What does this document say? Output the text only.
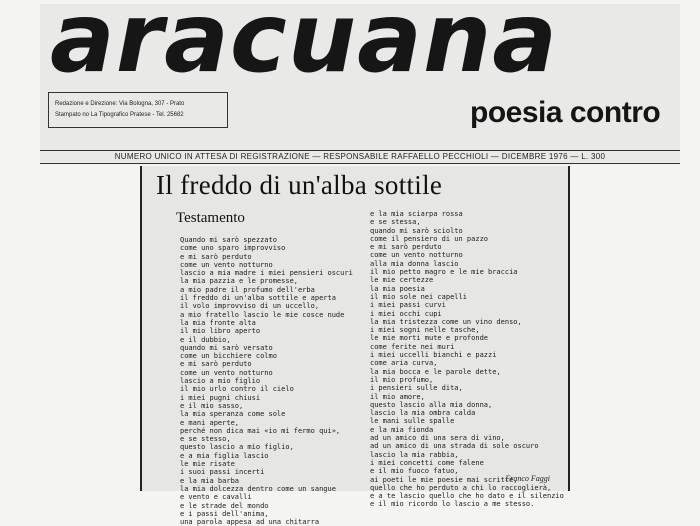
aracuana
Redazione e Direzione: Via Bologna, 307 - Prato
Stampato no La Tipografico Pratese - Tel. 25682	poesia contro
NUMERO UNICO IN ATTESA DI REGISTRAZIONE — RESPONSABILE RAFFAELLO PECCHIOLI — DICEMBRE 1976 — L. 300
Il freddo di un'alba sottile
Testamento
Quando mi sarò spezzato
come uno sparo improvviso
e mi sarò perduto
come un vento notturno
lascio a mia madre i miei pensieri oscuri
la mia pazzia e le promesse,
a mio padre il profumo dell'erba
il freddo di un'alba sottile e aperta
il volo improvviso di un uccello,
a mio fratello lascio le mie cosce nude
la mia fronte alta
il mio libro aperto
e il dubbio,
quando mi sarò versato
come un bicchiere colmo
e mi sarò perduto
come un vento notturno
lascio a mio figlio
il mio urlo contro il cielo
i miei pugni chiusi
e il mio sasso,
la mia speranza come sole
e mani aperte,
perché non dica mai «io mi fermo qui»,
e se stesso,
questo lascio a mio figlio,
e a mia figlia lascio
le mie risate
i suoi passi incerti
e la mia barba
la mia dolcezza dentro come un sangue
e vento e cavalli
e le strade del mondo
e i passi dell'anima,
una parola appesa ad una chitarra
e la mia sciarpa rossa
e se stessa,
quando mi sarò sciolto
come il pensiero di un pazzo
e mi sarò perduto
come un vento notturno
alla mia donna lascio
il mio petto magro e le mie braccia
le mie certezze
la mia poesia
il mio sole nei capelli
i miei passi curvi
i miei occhi cupi
la mia tristezza come un vino denso,
i miei sogni nelle tasche,
le mie morti mute e profonde
come ferite nei muri
i miei uccelli bianchi e pazzi
come aria curva,
la mia bocca e le parole dette,
il mio profumo,
i pensieri sulle dita,
il mio amore,
questo lascio alla mia donna,
lascio la mia ombra calda
le mani sulle spalle
e la mia fionda
ad un amico di una sera di vino,
ad un amico di una strada di sole oscuro
lascio la mia rabbia,
i miei concetti come falene
e il mio fuoco fatuo,
ai poeti le mie poesie mai scritte,
quello che ho perduto a chi lo raccoglierà,
e a te lascio quello che ho dato e il silenzio
e il mio ricordo lo lascio a me stesso.
Franco Faggi
